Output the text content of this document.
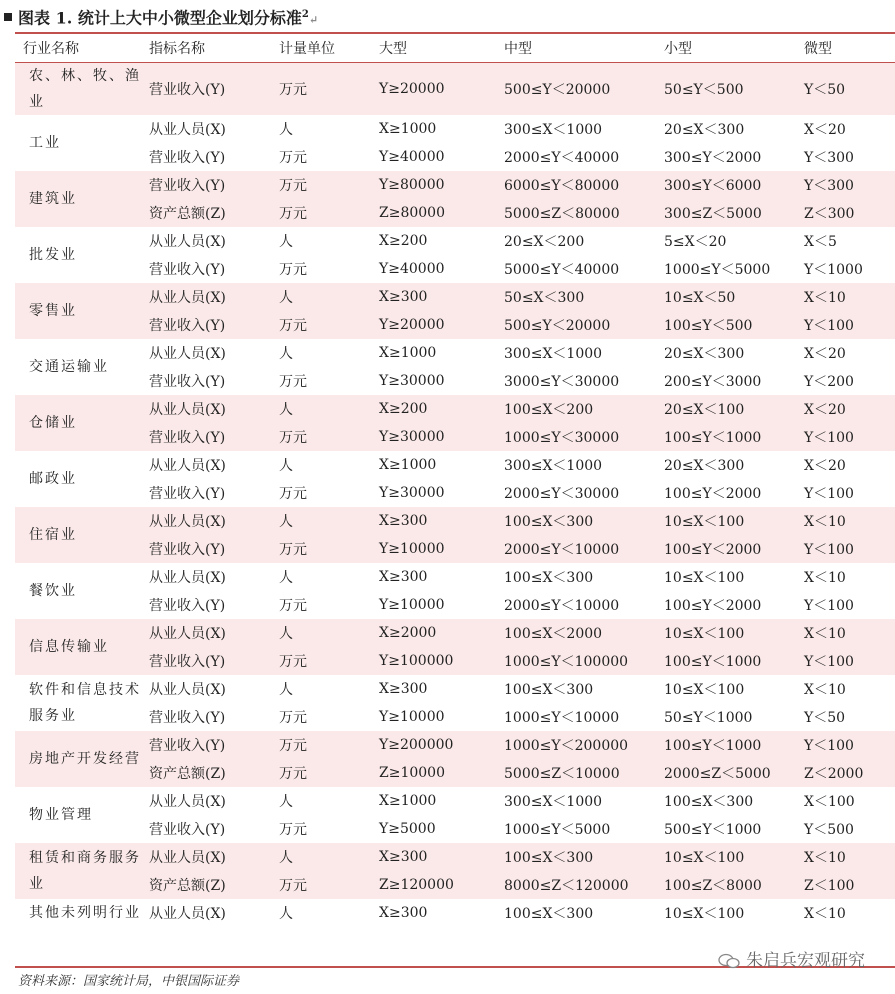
图表 1. 统计上大中小微型企业划分标准$^2$↵
行业名称	指标名称	计量单位	大型	中型	小型	微型
农、林、牧、渔业	营业收入(Y)	万元	Y≥20000	500≤Y＜20000	50≤Y＜500	Y＜50
工业	从业人员(X)	人	X≥1000	300≤X＜1000	20≤X＜300	X＜20
	营业收入(Y)	万元	Y≥40000	2000≤Y＜40000	300≤Y＜2000	Y＜300
建筑业	营业收入(Y)	万元	Y≥80000	6000≤Y＜80000	300≤Y＜6000	Y＜300
	资产总额(Z)	万元	Z≥80000	5000≤Z＜80000	300≤Z＜5000	Z＜300
批发业	从业人员(X)	人	X≥200	20≤X＜200	5≤X＜20	X＜5
	营业收入(Y)	万元	Y≥40000	5000≤Y＜40000	1000≤Y＜5000	Y＜1000
零售业	从业人员(X)	人	X≥300	50≤X＜300	10≤X＜50	X＜10
	营业收入(Y)	万元	Y≥20000	500≤Y＜20000	100≤Y＜500	Y＜100
交通运输业	从业人员(X)	人	X≥1000	300≤X＜1000	20≤X＜300	X＜20
	营业收入(Y)	万元	Y≥30000	3000≤Y＜30000	200≤Y＜3000	Y＜200
仓储业	从业人员(X)	人	X≥200	100≤X＜200	20≤X＜100	X＜20
	营业收入(Y)	万元	Y≥30000	1000≤Y＜30000	100≤Y＜1000	Y＜100
邮政业	从业人员(X)	人	X≥1000	300≤X＜1000	20≤X＜300	X＜20
	营业收入(Y)	万元	Y≥30000	2000≤Y＜30000	100≤Y＜2000	Y＜100
住宿业	从业人员(X)	人	X≥300	100≤X＜300	10≤X＜100	X＜10
	营业收入(Y)	万元	Y≥10000	2000≤Y＜10000	100≤Y＜2000	Y＜100
餐饮业	从业人员(X)	人	X≥300	100≤X＜300	10≤X＜100	X＜10
	营业收入(Y)	万元	Y≥10000	2000≤Y＜10000	100≤Y＜2000	Y＜100
信息传输业	从业人员(X)	人	X≥2000	100≤X＜2000	10≤X＜100	X＜10
	营业收入(Y)	万元	Y≥100000	1000≤Y＜100000	100≤Y＜1000	Y＜100
软件和信息技术服务业	从业人员(X)	人	X≥300	100≤X＜300	10≤X＜100	X＜10
	营业收入(Y)	万元	Y≥10000	1000≤Y＜10000	50≤Y＜1000	Y＜50
房地产开发经营	营业收入(Y)	万元	Y≥200000	1000≤Y＜200000	100≤Y＜1000	Y＜100
	资产总额(Z)	万元	Z≥10000	5000≤Z＜10000	2000≤Z＜5000	Z＜2000
物业管理	从业人员(X)	人	X≥1000	300≤X＜1000	100≤X＜300	X＜100
	营业收入(Y)	万元	Y≥5000	1000≤Y＜5000	500≤Y＜1000	Y＜500
租赁和商务服务业	从业人员(X)	人	X≥300	100≤X＜300	10≤X＜100	X＜10
	资产总额(Z)	万元	Z≥120000	8000≤Z＜120000	100≤Z＜8000	Z＜100
其他未列明行业	从业人员(X)	人	X≥300	100≤X＜300	10≤X＜100	X＜10
资料来源：国家统计局，中银国际证券
朱启兵宏观研究
